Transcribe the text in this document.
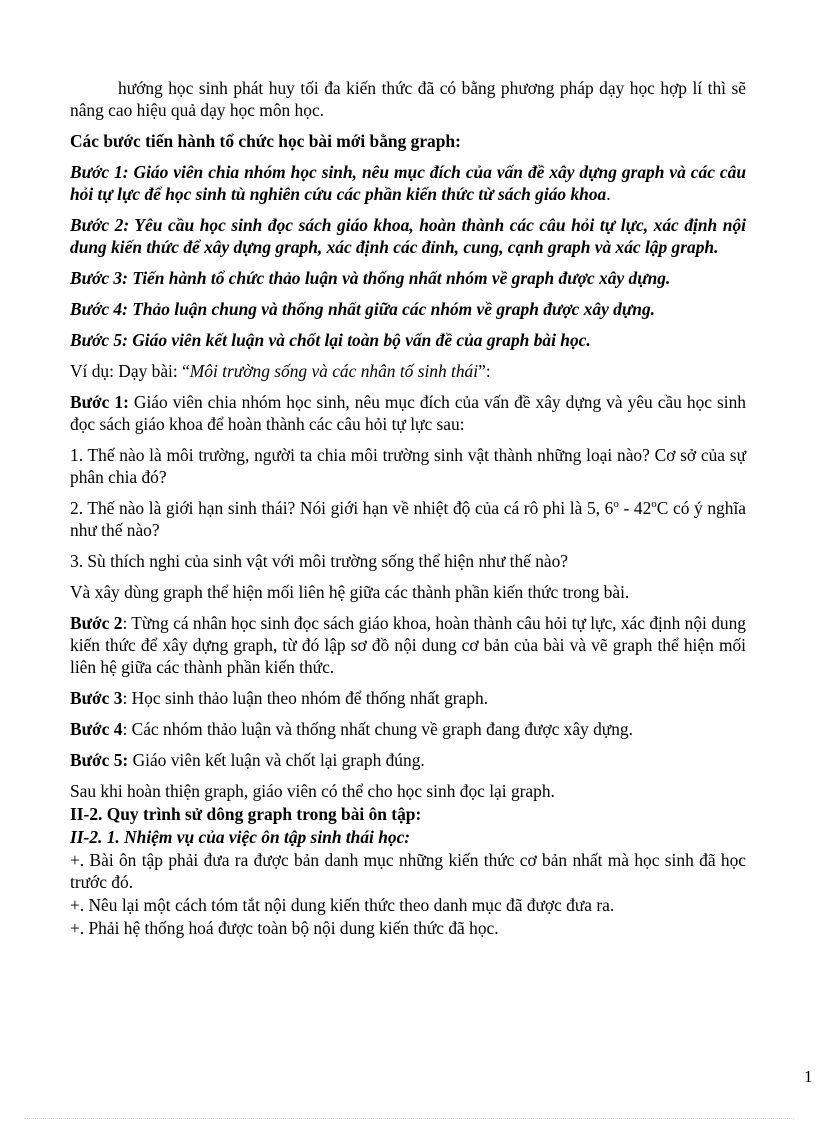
hướng học sinh phát huy tối đa kiến thức đã có bằng phương pháp dạy học hợp lí thì sẽ nâng cao hiệu quả dạy học môn học.

Các bước tiến hành tổ chức học bài mới bằng graph:

Bước 1: Giáo viên chia nhóm học sinh, nêu mục đích của vấn đề xây dựng graph và các câu hỏi tự lực để học sinh tù nghiên cứu các phần kiến thức từ sách giáo khoa.

Bước 2: Yêu cầu học sinh đọc sách giáo khoa, hoàn thành các câu hỏi tự lực, xác định nội dung kiến thức để xây dựng graph, xác định các đỉnh, cung, cạnh graph và xác lập graph.

Bước 3: Tiến hành tổ chức thảo luận và thống nhất nhóm về graph được xây dựng.

Bước 4: Thảo luận chung và thống nhất giữa các nhóm về graph được xây dựng.

Bước 5: Giáo viên kết luận và chốt lại toàn bộ vấn đề của graph bài học.

Ví dụ: Dạy bài: “Môi trường sống và các nhân tố sinh thái”:

Bước 1: Giáo viên chia nhóm học sinh, nêu mục đích của vấn đề xây dựng và yêu cầu học sinh đọc sách giáo khoa để hoàn thành các câu hỏi tự lực sau:

1. Thế nào là môi trường, người ta chia môi trường sinh vật thành những loại nào? Cơ sở của sự phân chia đó?

2. Thế nào là giới hạn sinh thái? Nói giới hạn về nhiệt độ của cá rô phi là 5, 6$^o$ - 42$^o$C có ý nghĩa như thế nào?

3. Sù thích nghi của sinh vật với môi trường sống thể hiện như thế nào?

Và xây dùng graph thể hiện mối liên hệ giữa các thành phần kiến thức trong bài.

Bước 2: Từng cá nhân học sinh đọc sách giáo khoa, hoàn thành câu hỏi tự lực, xác định nội dung kiến thức để xây dựng graph, từ đó lập sơ đồ nội dung cơ bản của bài và vẽ graph thể hiện mối liên hệ giữa các thành phần kiến thức.

Bước 3: Học sinh thảo luận theo nhóm để thống nhất graph.

Bước 4: Các nhóm thảo luận và thống nhất chung về graph đang được xây dựng.

Bước 5: Giáo viên kết luận và chốt lại graph đúng.

Sau khi hoàn thiện graph, giáo viên có thể cho học sinh đọc lại graph.

II-2. Quy trình sử dông graph trong bài ôn tập:

II-2. 1. Nhiệm vụ của việc ôn tập sinh thái học:

+. Bài ôn tập phải đưa ra được bản danh mục những kiến thức cơ bản nhất mà học sinh đã học trước đó.

+. Nêu lại một cách tóm tắt nội dung kiến thức theo danh mục đã được đưa ra.

+. Phải hệ thống hoá được toàn bộ nội dung kiến thức đã học.

1
